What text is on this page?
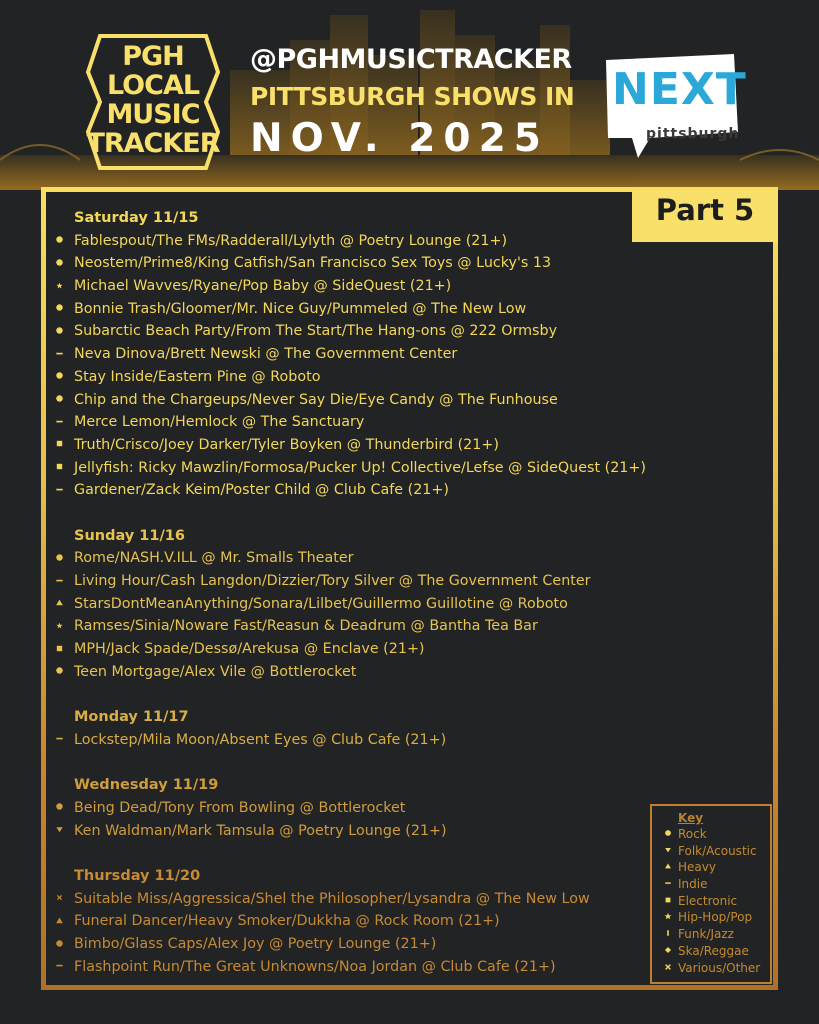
PGH
LOCAL
MUSIC
TRACKER
@PGHMUSICTRACKER
PITTSBURGH SHOWS IN
NOV. 2025
NEXT
pittsburgh
Part 5
Saturday 11/15
Fablespout/The FMs/Radderall/Lylyth @ Poetry Lounge (21+)
Neostem/Prime8/King Catfish/San Francisco Sex Toys @ Lucky's 13
Michael Wavves/Ryane/Pop Baby @ SideQuest (21+)
Bonnie Trash/Gloomer/Mr. Nice Guy/Pummeled @ The New Low
Subarctic Beach Party/From The Start/The Hang-ons @ 222 Ormsby
Neva Dinova/Brett Newski @ The Government Center
Stay Inside/Eastern Pine @ Roboto
Chip and the Chargeups/Never Say Die/Eye Candy @ The Funhouse
Merce Lemon/Hemlock @ The Sanctuary
Truth/Crisco/Joey Darker/Tyler Boyken @ Thunderbird (21+)
Jellyfish: Ricky Mawzlin/Formosa/Pucker Up! Collective/Lefse @ SideQuest (21+)
Gardener/Zack Keim/Poster Child @ Club Cafe (21+)
Sunday 11/16
Rome/NASH.V.ILL @ Mr. Smalls Theater
Living Hour/Cash Langdon/Dizzier/Tory Silver @ The Government Center
StarsDontMeanAnything/Sonara/Lilbet/Guillermo Guillotine @ Roboto
Ramses/Sinia/Noware Fast/Reasun & Deadrum @ Bantha Tea Bar
MPH/Jack Spade/Dessø/Arekusa @ Enclave (21+)
Teen Mortgage/Alex Vile @ Bottlerocket
Monday 11/17
Lockstep/Mila Moon/Absent Eyes @ Club Cafe (21+)
Wednesday 11/19
Being Dead/Tony From Bowling @ Bottlerocket
Ken Waldman/Mark Tamsula @ Poetry Lounge (21+)
Thursday 11/20
Suitable Miss/Aggressica/Shel the Philosopher/Lysandra @ The New Low
Funeral Dancer/Heavy Smoker/Dukkha @ Rock Room (21+)
Bimbo/Glass Caps/Alex Joy @ Poetry Lounge (21+)
Flashpoint Run/The Great Unknowns/Noa Jordan @ Club Cafe (21+)
Key
Rock
Folk/Acoustic
Heavy
Indie
Electronic
Hip-Hop/Pop
Funk/Jazz
Ska/Reggae
Various/Other
